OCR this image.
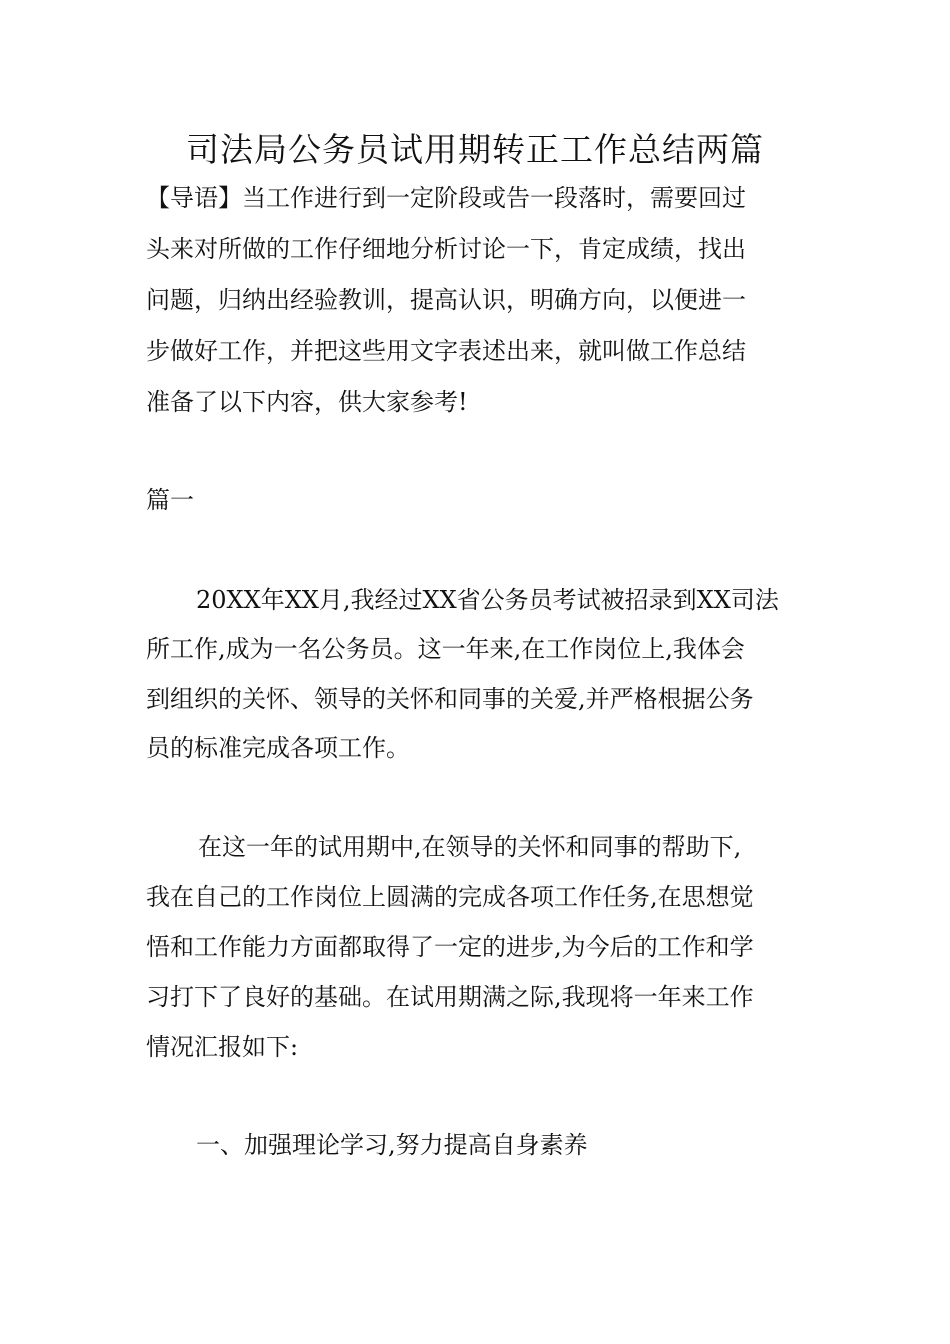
司法局公务员试用期转正工作总结两篇
【导语】当工作进行到一定阶段或告一段落时，需要回过
头来对所做的工作仔细地分析讨论一下，肯定成绩，找出
问题，归纳出经验教训，提高认识，明确方向，以便进一
步做好工作，并把这些用文字表述出来，就叫做工作总结
准备了以下内容，供大家参考!
篇一
20XX年XX月,我经过XX省公务员考试被招录到XX司法
所工作,成为一名公务员。这一年来,在工作岗位上,我体会
到组织的关怀、领导的关怀和同事的关爱,并严格根据公务
员的标准完成各项工作。
在这一年的试用期中,在领导的关怀和同事的帮助下,
我在自己的工作岗位上圆满的完成各项工作任务,在思想觉
悟和工作能力方面都取得了一定的进步,为今后的工作和学
习打下了良好的基础。在试用期满之际,我现将一年来工作
情况汇报如下:
一、加强理论学习,努力提高自身素养
